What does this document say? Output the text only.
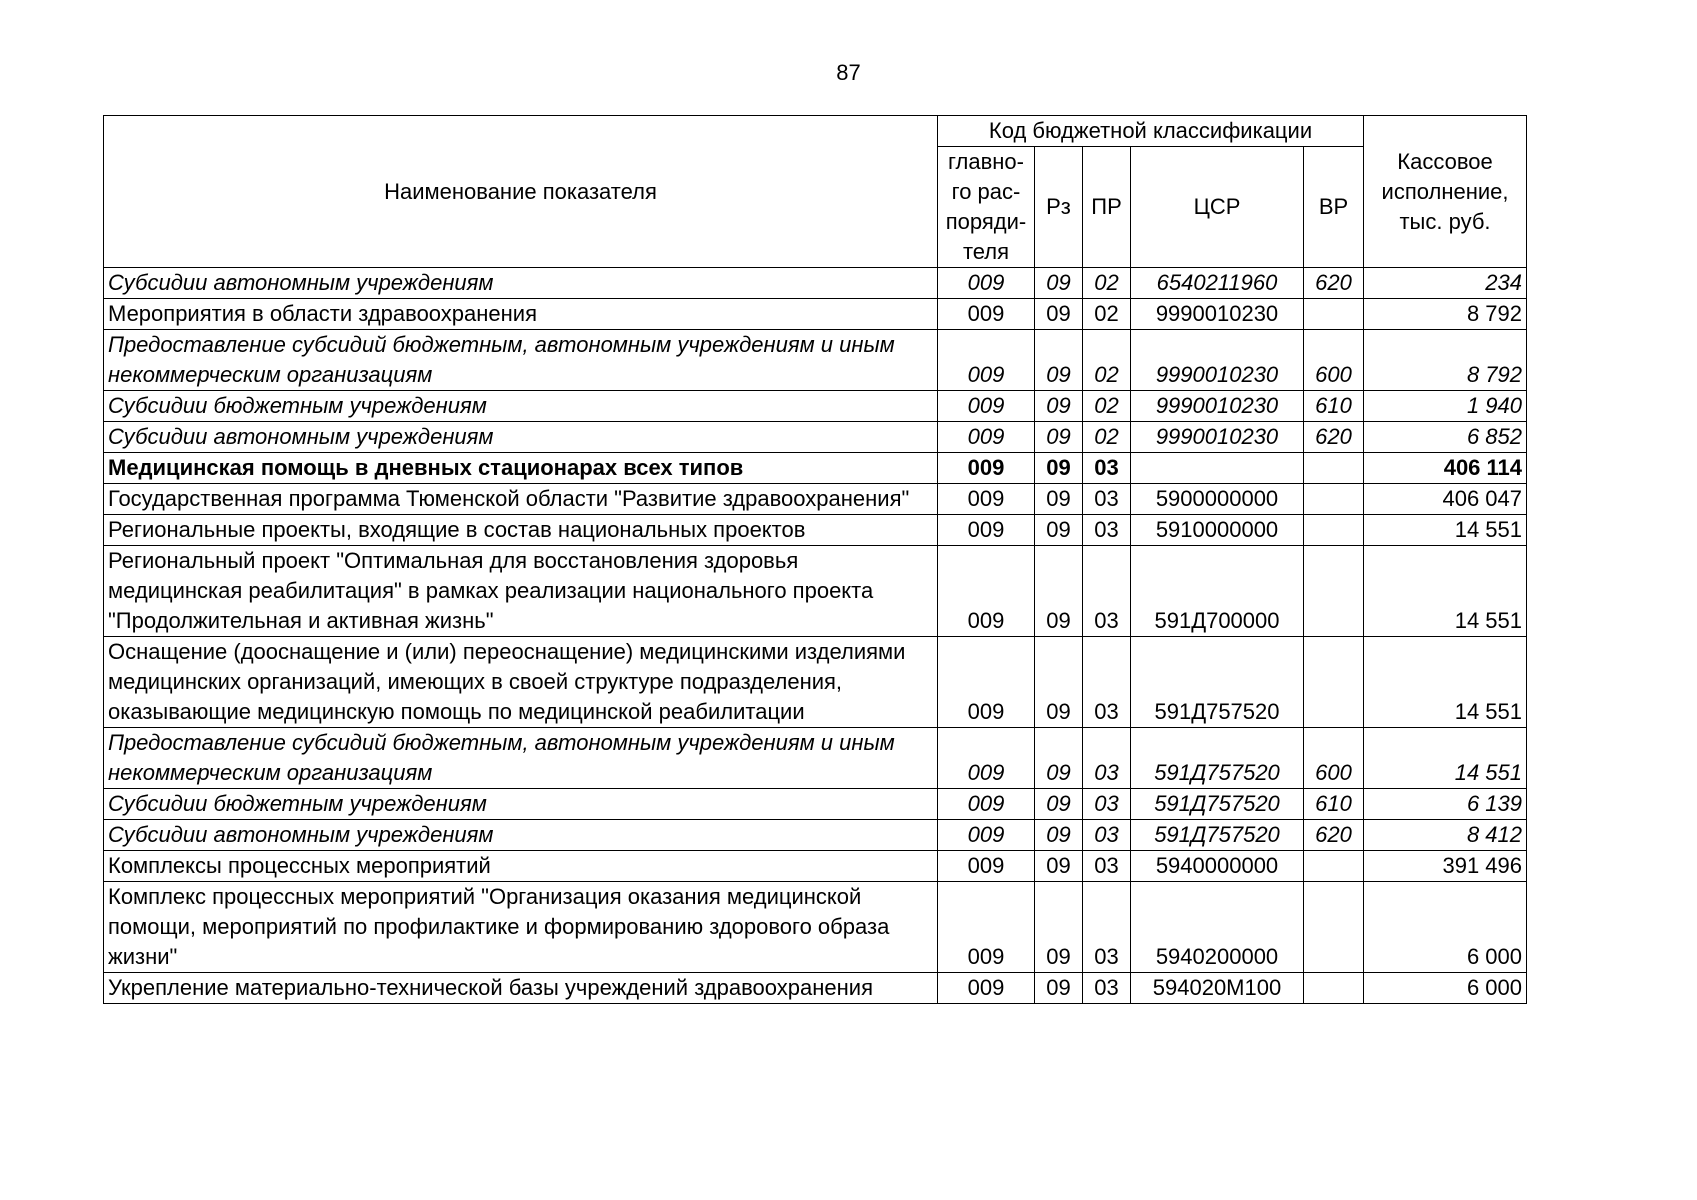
87
Наименование показателя	Код бюджетной классификации					Кассовое исполнение, тыс. руб.
	главно-го рас-поряди-теля	Рз	ПР	ЦСР	ВР	
Субсидии автономным учреждениям	009	09	02	6540211960	620	234
Мероприятия в области здравоохранения	009	09	02	9990010230		8 792
Предоставление субсидий бюджетным, автономным учреждениям и иным некоммерческим организациям	009	09	02	9990010230	600	8 792
Субсидии бюджетным учреждениям	009	09	02	9990010230	610	1 940
Субсидии автономным учреждениям	009	09	02	9990010230	620	6 852
Медицинская помощь в дневных стационарах всех типов	009	09	03			406 114
Государственная программа Тюменской области "Развитие здравоохранения"	009	09	03	5900000000		406 047
Региональные проекты, входящие в состав национальных проектов	009	09	03	5910000000		14 551
Региональный проект "Оптимальная для восстановления здоровья медицинская реабилитация" в рамках реализации национального проекта "Продолжительная и активная жизнь"	009	09	03	591Д700000		14 551
Оснащение (дооснащение и (или) переоснащение) медицинскими изделиями медицинских организаций, имеющих в своей структуре подразделения, оказывающие медицинскую помощь по медицинской реабилитации	009	09	03	591Д757520		14 551
Предоставление субсидий бюджетным, автономным учреждениям и иным некоммерческим организациям	009	09	03	591Д757520	600	14 551
Субсидии бюджетным учреждениям	009	09	03	591Д757520	610	6 139
Субсидии автономным учреждениям	009	09	03	591Д757520	620	8 412
Комплексы процессных мероприятий	009	09	03	5940000000		391 496
Комплекс процессных мероприятий "Организация оказания медицинской помощи, мероприятий по профилактике и формированию здорового образа жизни"	009	09	03	5940200000		6 000
Укрепление материально-технической базы учреждений здравоохранения	009	09	03	594020M100		6 000
